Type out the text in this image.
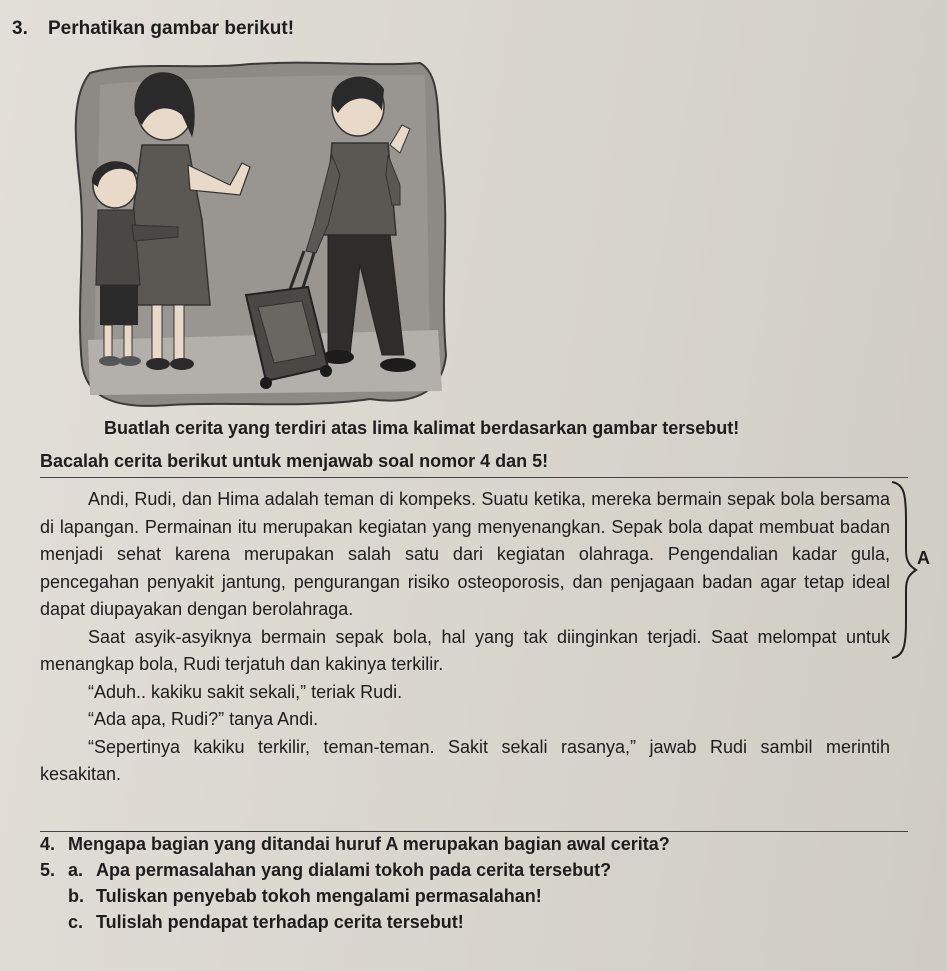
3. Perhatikan gambar berikut!
Buatlah cerita yang terdiri atas lima kalimat berdasarkan gambar tersebut!
Bacalah cerita berikut untuk menjawab soal nomor 4 dan 5!

Andi, Rudi, dan Hima adalah teman di kompeks. Suatu ketika, mereka bermain sepak bola bersama di lapangan. Permainan itu merupakan kegiatan yang menyenangkan. Sepak bola dapat membuat badan menjadi sehat karena merupakan salah satu dari kegiatan olahraga. Pengendalian kadar gula, pencegahan penyakit jantung, pengurangan risiko osteoporosis, dan penjagaan badan agar tetap ideal dapat diupayakan dengan berolahraga.

Saat asyik-asyiknya bermain sepak bola, hal yang tak diinginkan terjadi. Saat melompat untuk menangkap bola, Rudi terjatuh dan kakinya terkilir.

“Aduh.. kakiku sakit sekali,” teriak Rudi.

“Ada apa, Rudi?” tanya Andi.

“Sepertinya kakiku terkilir, teman-teman. Sakit sekali rasanya,” jawab Rudi sambil merintih kesakitan.

A
4. Mengapa bagian yang ditandai huruf A merupakan bagian awal cerita?
5. a. Apa permasalahan yang dialami tokoh pada cerita tersebut?
b. Tuliskan penyebab tokoh mengalami permasalahan!
c. Tulislah pendapat terhadap cerita tersebut!
